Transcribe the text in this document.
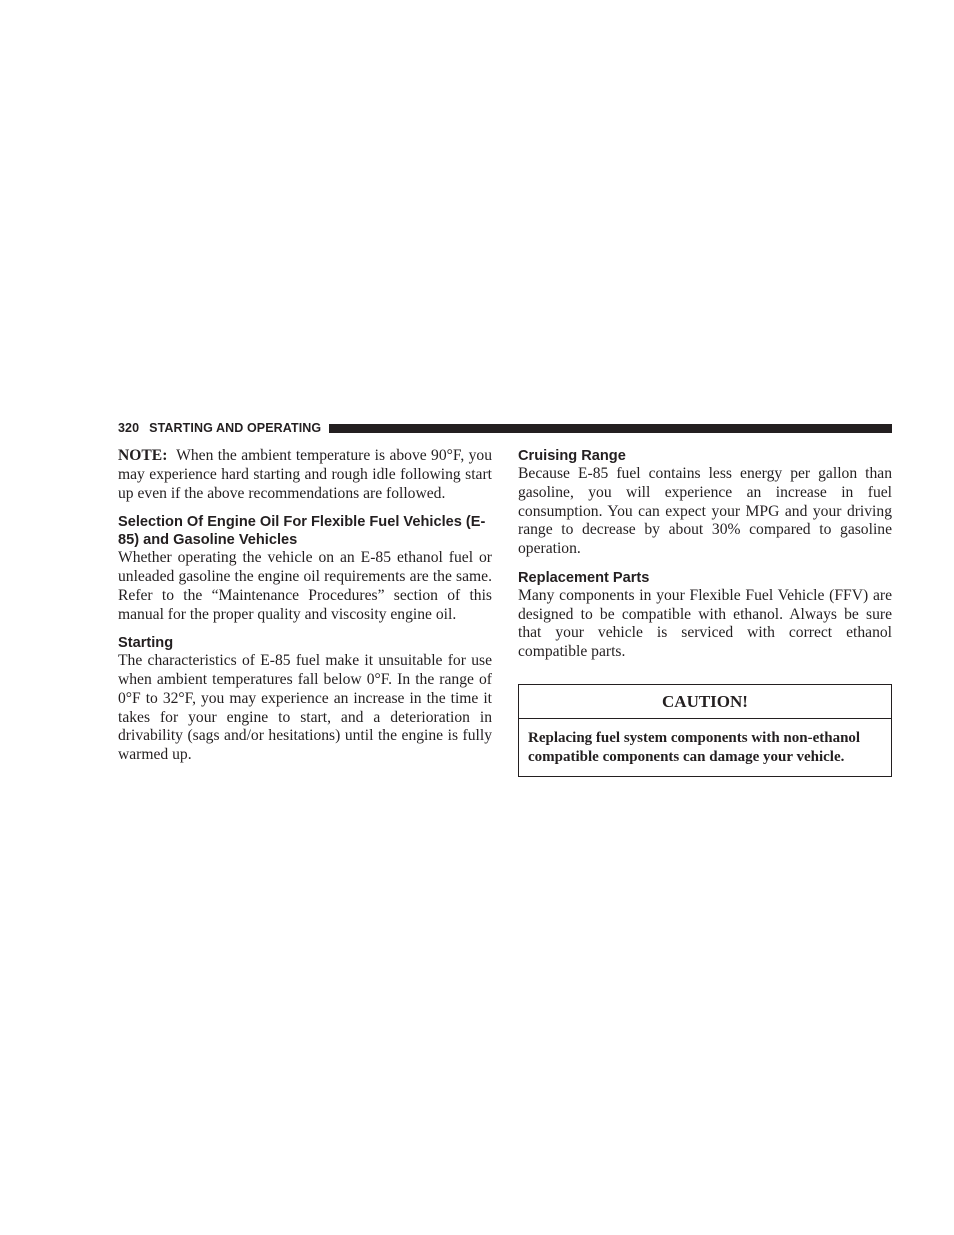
320 STARTING AND OPERATING

NOTE: When the ambient temperature is above 90°F, you may experience hard starting and rough idle following start up even if the above recommendations are followed.

Selection Of Engine Oil For Flexible Fuel Vehicles (E-85) and Gasoline Vehicles

Whether operating the vehicle on an E-85 ethanol fuel or unleaded gasoline the engine oil requirements are the same. Refer to the “Maintenance Procedures” section of this manual for the proper quality and viscosity engine oil.

Starting

The characteristics of E-85 fuel make it unsuitable for use when ambient temperatures fall below 0°F. In the range of 0°F to 32°F, you may experience an increase in the time it takes for your engine to start, and a deterioration in drivability (sags and/or hesitations) until the engine is fully warmed up.

Cruising Range

Because E-85 fuel contains less energy per gallon than gasoline, you will experience an increase in fuel consumption. You can expect your MPG and your driving range to decrease by about 30% compared to gasoline operation.

Replacement Parts

Many components in your Flexible Fuel Vehicle (FFV) are designed to be compatible with ethanol. Always be sure that your vehicle is serviced with correct ethanol compatible parts.

CAUTION!
Replacing fuel system components with non-ethanol compatible components can damage your vehicle.
